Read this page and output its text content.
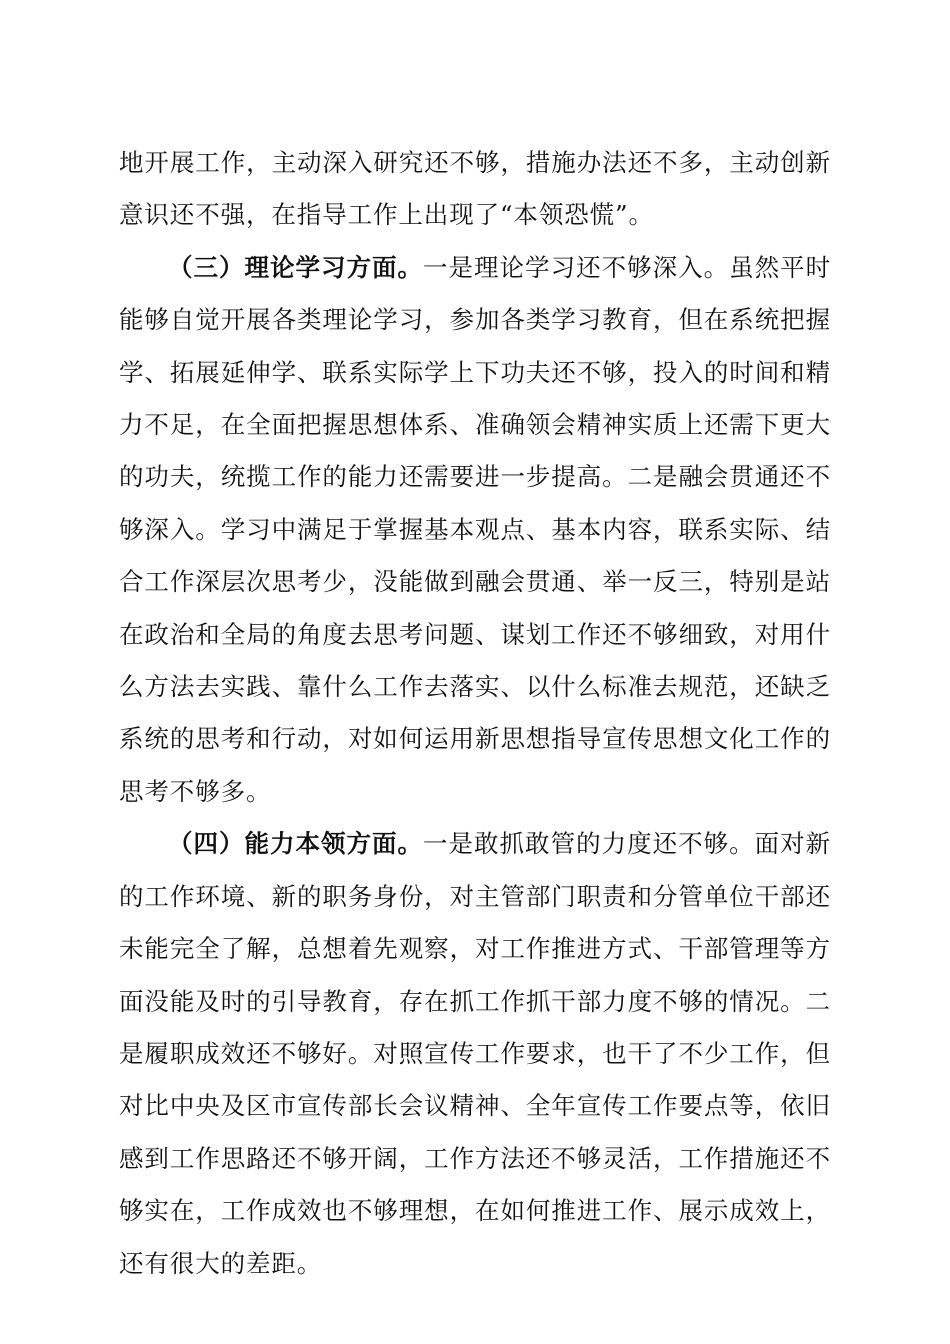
地开展工作，主动深入研究还不够，措施办法还不多，主动创新意识还不强，在指导工作上出现了“本领恐慌”。

（三）理论学习方面。一是理论学习还不够深入。虽然平时能够自觉开展各类理论学习，参加各类学习教育，但在系统把握学、拓展延伸学、联系实际学上下功夫还不够，投入的时间和精力不足，在全面把握思想体系、准确领会精神实质上还需下更大的功夫，统揽工作的能力还需要进一步提高。二是融会贯通还不够深入。学习中满足于掌握基本观点、基本内容，联系实际、结合工作深层次思考少，没能做到融会贯通、举一反三，特别是站在政治和全局的角度去思考问题、谋划工作还不够细致，对用什么方法去实践、靠什么工作去落实、以什么标准去规范，还缺乏系统的思考和行动，对如何运用新思想指导宣传思想文化工作的思考不够多。

（四）能力本领方面。一是敢抓敢管的力度还不够。面对新的工作环境、新的职务身份，对主管部门职责和分管单位干部还未能完全了解，总想着先观察，对工作推进方式、干部管理等方面没能及时的引导教育，存在抓工作抓干部力度不够的情况。二是履职成效还不够好。对照宣传工作要求，也干了不少工作，但对比中央及区市宣传部长会议精神、全年宣传工作要点等，依旧感到工作思路还不够开阔，工作方法还不够灵活，工作措施还不够实在，工作成效也不够理想，在如何推进工作、展示成效上，还有很大的差距。
